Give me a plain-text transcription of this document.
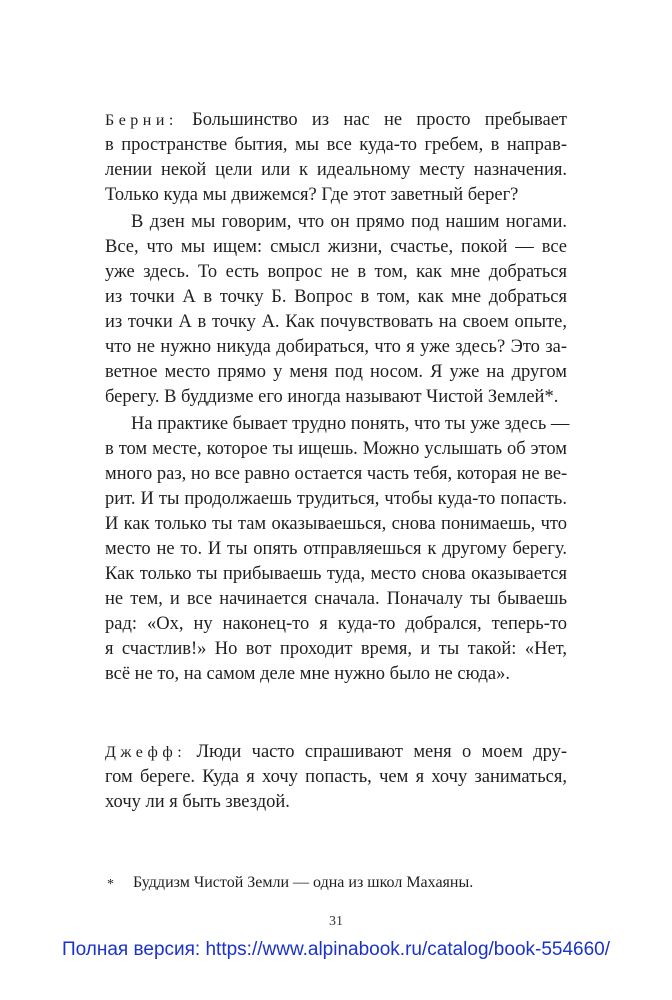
Берни: Большинство из нас не просто пребывает
в пространстве бытия, мы все куда-то гребем, в направ-
лении некой цели или к идеальному месту назначения.
Только куда мы движемся? Где этот заветный берег?
В дзен мы говорим, что он прямо под нашим ногами.
Все, что мы ищем: смысл жизни, счастье, покой — все
уже здесь. То есть вопрос не в том, как мне добраться
из точки А в точку Б. Вопрос в том, как мне добраться
из точки А в точку А. Как почувствовать на своем опыте,
что не нужно никуда добираться, что я уже здесь? Это за-
ветное место прямо у меня под носом. Я уже на другом
берегу. В буддизме его иногда называют Чистой Землей*.
На практике бывает трудно понять, что ты уже здесь —
в том месте, которое ты ищешь. Можно услышать об этом
много раз, но все равно остается часть тебя, которая не ве-
рит. И ты продолжаешь трудиться, чтобы куда-то попасть.
И как только ты там оказываешься, снова понимаешь, что
место не то. И ты опять отправляешься к другому берегу.
Как только ты прибываешь туда, место снова оказывается
не тем, и все начинается сначала. Поначалу ты бываешь
рад: «Ох, ну наконец-то я куда-то добрался, теперь-то
я счастлив!» Но вот проходит время, и ты такой: «Нет,
всё не то, на самом деле мне нужно было не сюда».
Джефф: Люди часто спрашивают меня о моем дру-
гом береге. Куда я хочу попасть, чем я хочу заниматься,
хочу ли я быть звездой.
* Буддизм Чистой Земли — одна из школ Махаяны.
31
Полная версия: https://www.alpinabook.ru/catalog/book-554660/
